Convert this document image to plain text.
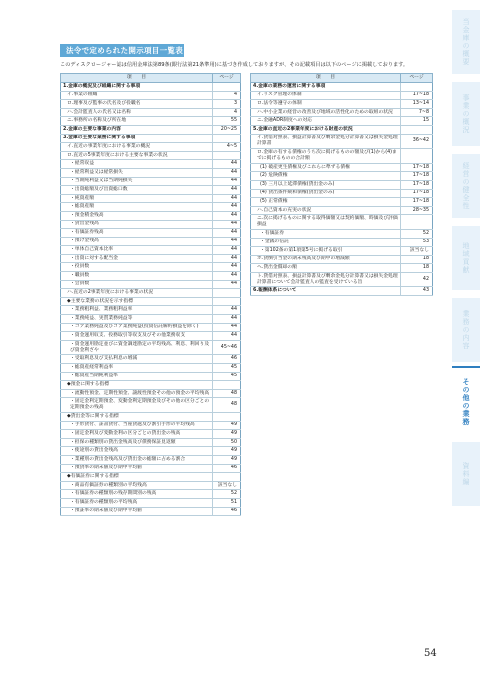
法令で定められた開示項目一覧表
このディスクロージャー誌は信用金庫法第89条(銀行法第21条準用)に基づき作成しておりますが、その記載項目は以下のページに掲載しております。
項　　目	ページ
1.金庫の概況及び組織に関する事項	
イ.事業の組織	4
ロ.理事及び監事の氏名及び役職名	3
ハ.会計監査人の氏名又は名称	4
ニ.事務所の名称及び所在地	55
2.金庫の主要な事業の内容	20~25
3.金庫の主要な業務に関する事項	
イ.直近の事業年度における事業の概況	4~5
ロ.直近の5事業年度における主要な事業の状況	
・経常収益	44
・経常利益又は経常損失	44
・当期純利益又は当期純損失	44
・出資総額及び出資総口数	44
・純資産額	44
・総資産額	44
・預金積金残高	44
・貸出金残高	44
・有価証券残高	44
・預け金残高	44
・単体自己資本比率	44
・出資に対する配当金	44
・役員数	44
・職員数	44
・会員数	44
ハ.直近の2事業年度における事業の状況	
◆主要な業務の状況を示す指標	
・業務粗利益、業務粗利益率	44
・業務純益、実質業務純益等	44
・コア業務純益及びコア業務純益(投資信託解約損益を除く)	44
・資金運用収支、役務取引等収支及びその他業務収支	44
・資金運用勘定並びに資金調達勘定の平均残高、利息、利回り及び資金利ざや	45~46
・受取利息及び支払利息の増減	46
・総資産経常利益率	45
・総資産当期純利益率	45
◆預金に関する指標	
・流動性預金、定期性預金、譲渡性預金その他の預金の平均残高	48
・固定金利定期預金、変動金利定期預金及びその他の区分ごとの定期預金の残高	48
◆貸出金等に関する指標	
・手形貸付、証書貸付、当座貸越及び割引手形の平均残高	49
・固定金利及び変動金利の区分ごとの貸出金の残高	49
・担保の種類別の貸出金残高及び債務保証見返額	50
・使途別の貸出金残高	49
・業種別の貸出金残高及び貸出金の総額に占める割合	49
・預貸率の期末値及び期中平均値	46
◆有価証券に関する指標	
・商品有価証券の種類別の平均残高	該当なし
・有価証券の種類別の残存期間別の残高	52
・有価証券の種類別の平均残高	51
・預証率の期末値及び期中平均値	46
項　　目	ページ
4.金庫の業務の運営に関する事項	
イ.リスク管理の体制	17~18
ロ.法令等遵守の体制	13~14
ハ.中小企業の経営の改善及び地域の活性化のための取組の状況	7~8
ニ.金融ADR制度への対応	15
5.金庫の直近の2事業年度における財産の状況	
イ.貸借対照表、損益計算書及び剰余金処分計算書又は損失金処理計算書	36~42
ロ.金庫の有する債権のうち次に掲げるものの額及び(1)から(4)までに掲げるものの合計額	
(1) 破産更生債権及びこれらに準ずる債権	17~18
(2) 危険債権	17~18
(3) 三月以上延滞債権(貸出金のみ)	17~18
(4) 貸出条件緩和債権(貸出金のみ)	17~18
(5) 正常債権	17~18
ハ.自己資本の充実の状況	28~35
ニ.次に掲げるものに関する取得価額又は契約価額、時価及び評価損益	
・有価証券	52
・金銭の信託	53
・第102条の第1項第5号に掲げる取引	該当なし
ホ.貸倒引当金の期末残高及び期中の増減額	18
ヘ.貸出金償却の額	18
ト.貸借対照表、損益計算書及び剰余金処分計算書又は損失金処理計算書について会計監査人の監査を受けている旨	42
6.報酬体系について	43
当金庫の概要
事業の概況
経営の健全性
地域貢献
業務の内容
その他の業務
資料編
54
